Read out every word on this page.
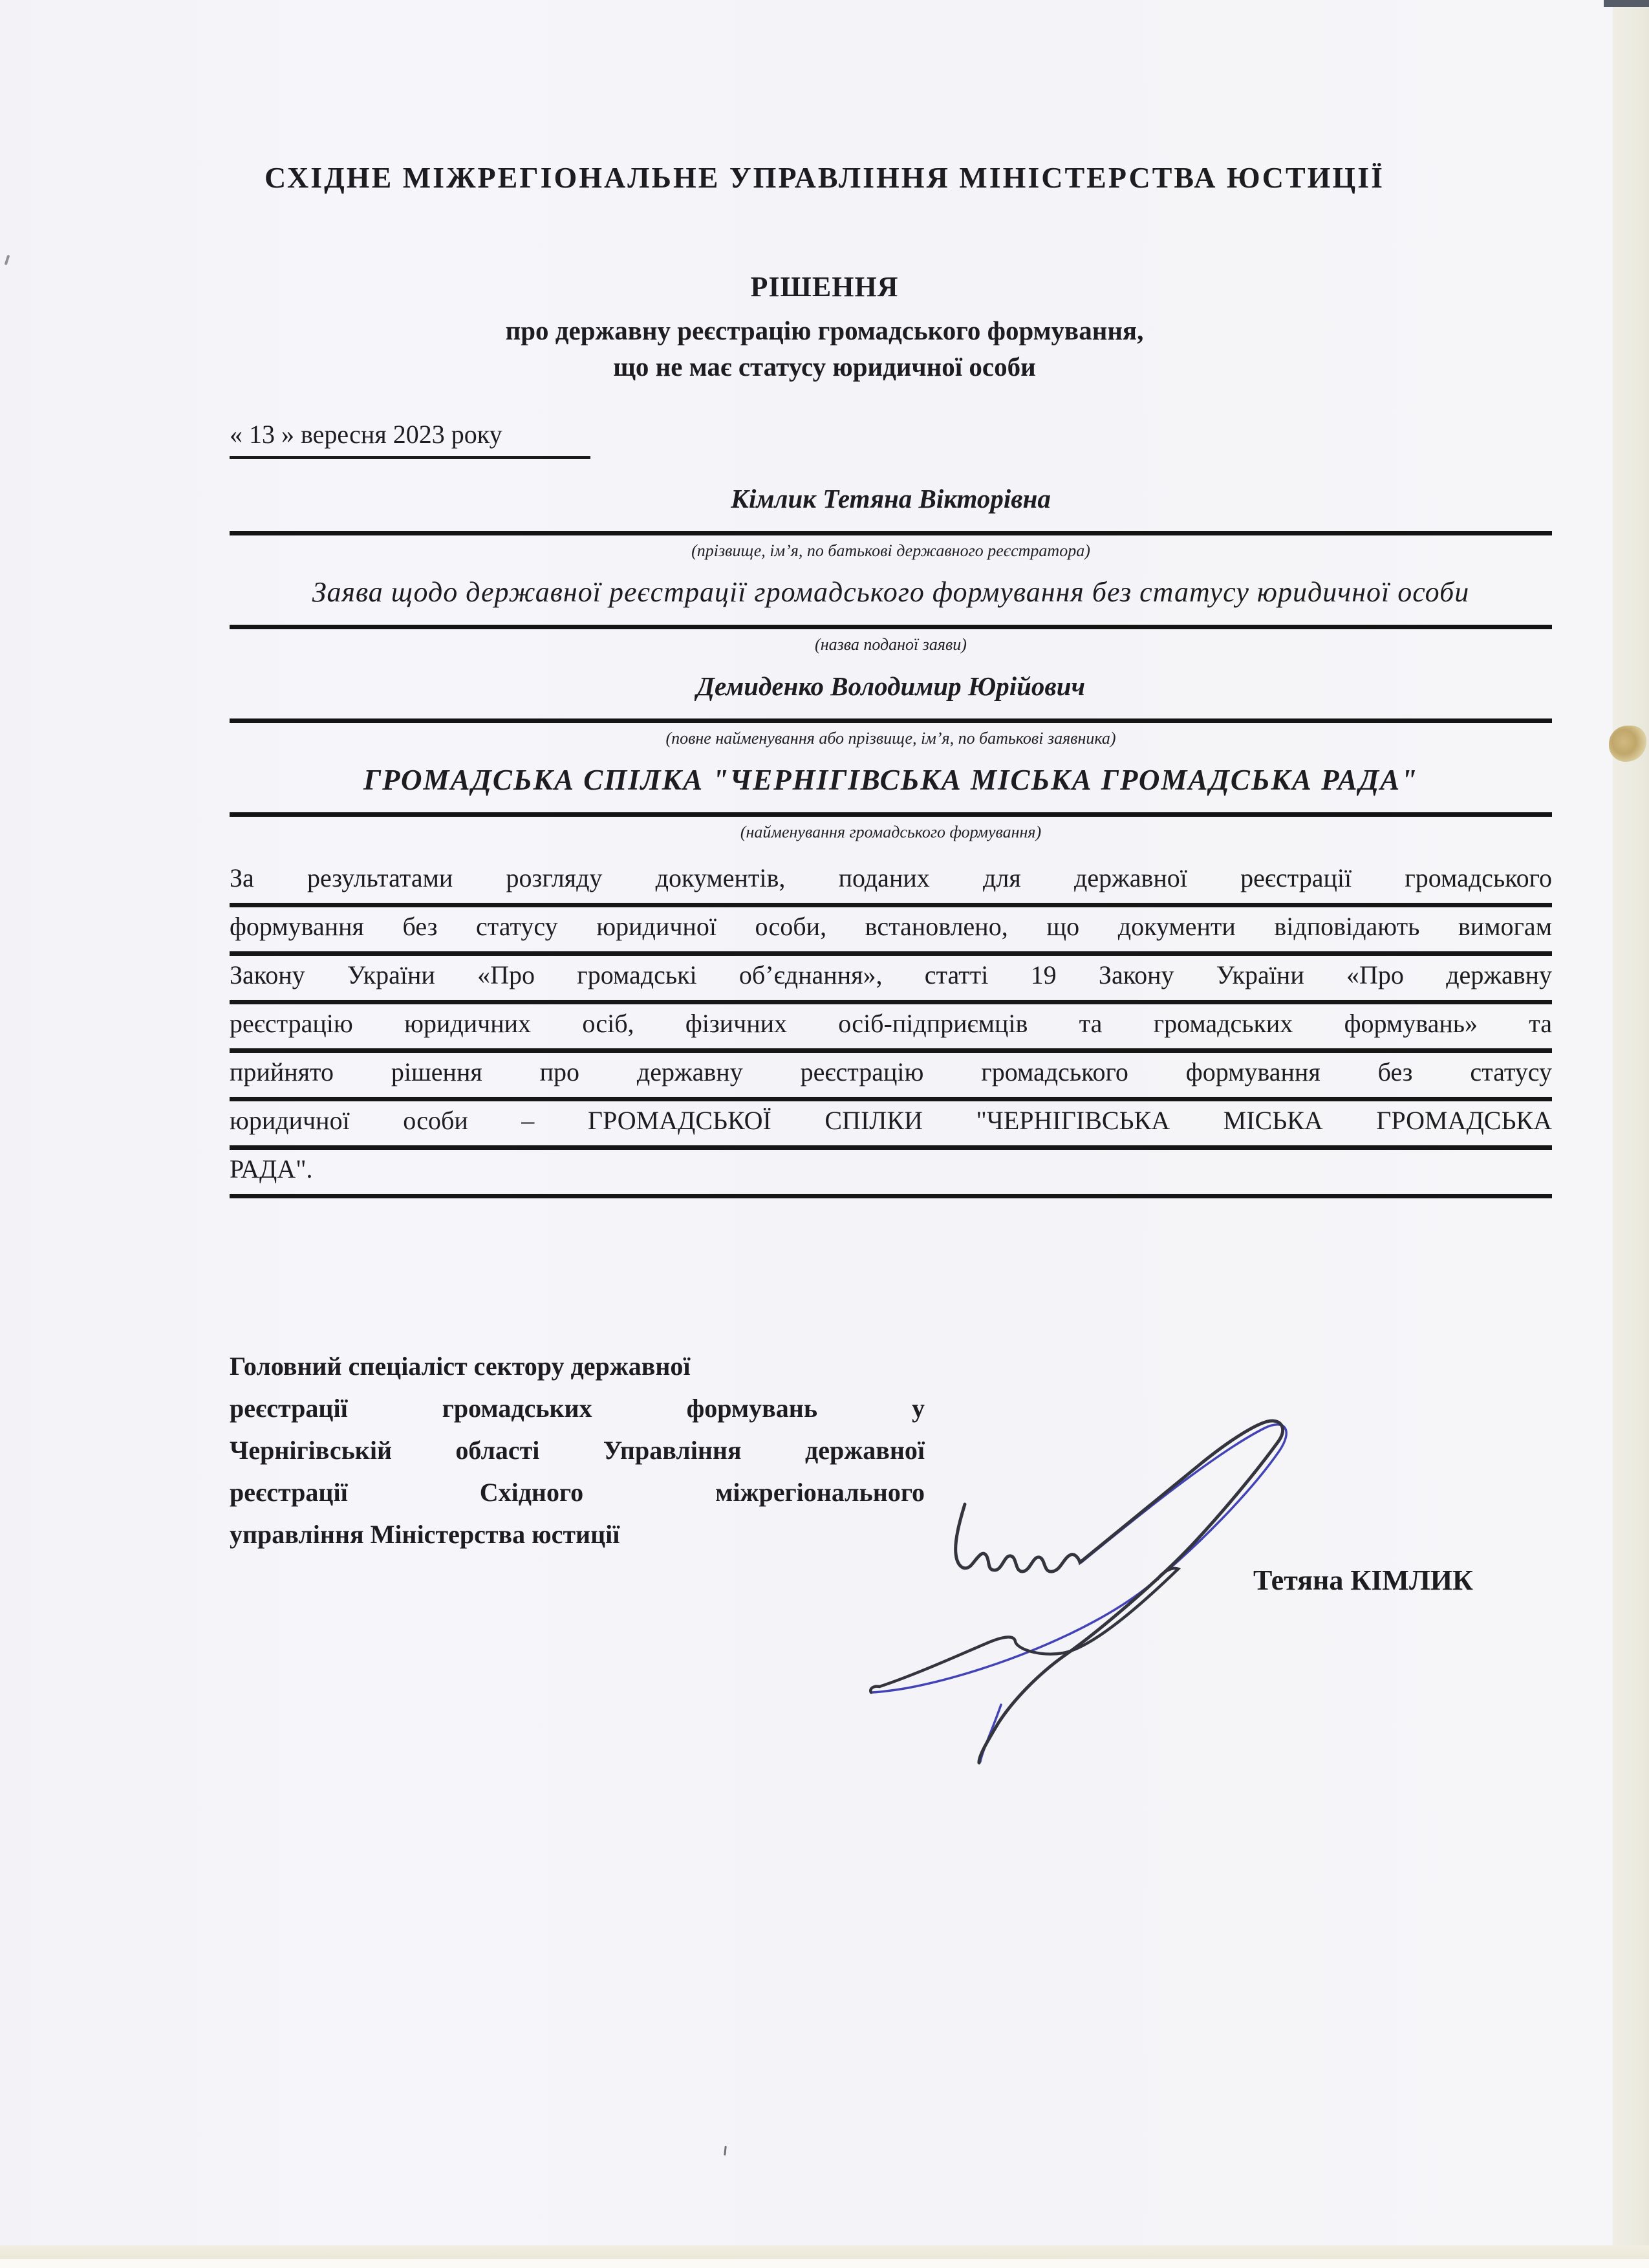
СХІДНЕ МІЖРЕГІОНАЛЬНЕ УПРАВЛІННЯ МІНІСТЕРСТВА ЮСТИЦІЇ
РІШЕННЯ
про державну реєстрацію громадського формування,
що не має статусу юридичної особи
« 13 » вересня 2023 року
Кімлик Тетяна Вікторівна
(прізвище, ім’я, по батькові державного реєстратора)
Заява щодо державної реєстрації громадського формування без статусу юридичної особи
(назва поданої заяви)
Демиденко Володимир Юрійович
(повне найменування або прізвище, ім’я, по батькові заявника)
ГРОМАДСЬКА СПІЛКА "ЧЕРНІГІВСЬКА МІСЬКА ГРОМАДСЬКА РАДА"
(найменування громадського формування)
За результатами розгляду документів, поданих для державної реєстрації громадського
формування без статусу юридичної особи, встановлено, що документи відповідають вимогам
Закону України «Про громадські об’єднання», статті 19 Закону України «Про державну
реєстрацію юридичних осіб, фізичних осіб-підприємців та громадських формувань» та
прийнято рішення про державну реєстрацію громадського формування без статусу
юридичної особи – ГРОМАДСЬКОЇ СПІЛКИ "ЧЕРНІГІВСЬКА МІСЬКА ГРОМАДСЬКА
РАДА".
Головний спеціаліст сектору державної
реєстрації громадських формувань у
Чернігівській області Управління державної
реєстрації Східного міжрегіонального
управління Міністерства юстиції
Тетяна КІМЛИК
